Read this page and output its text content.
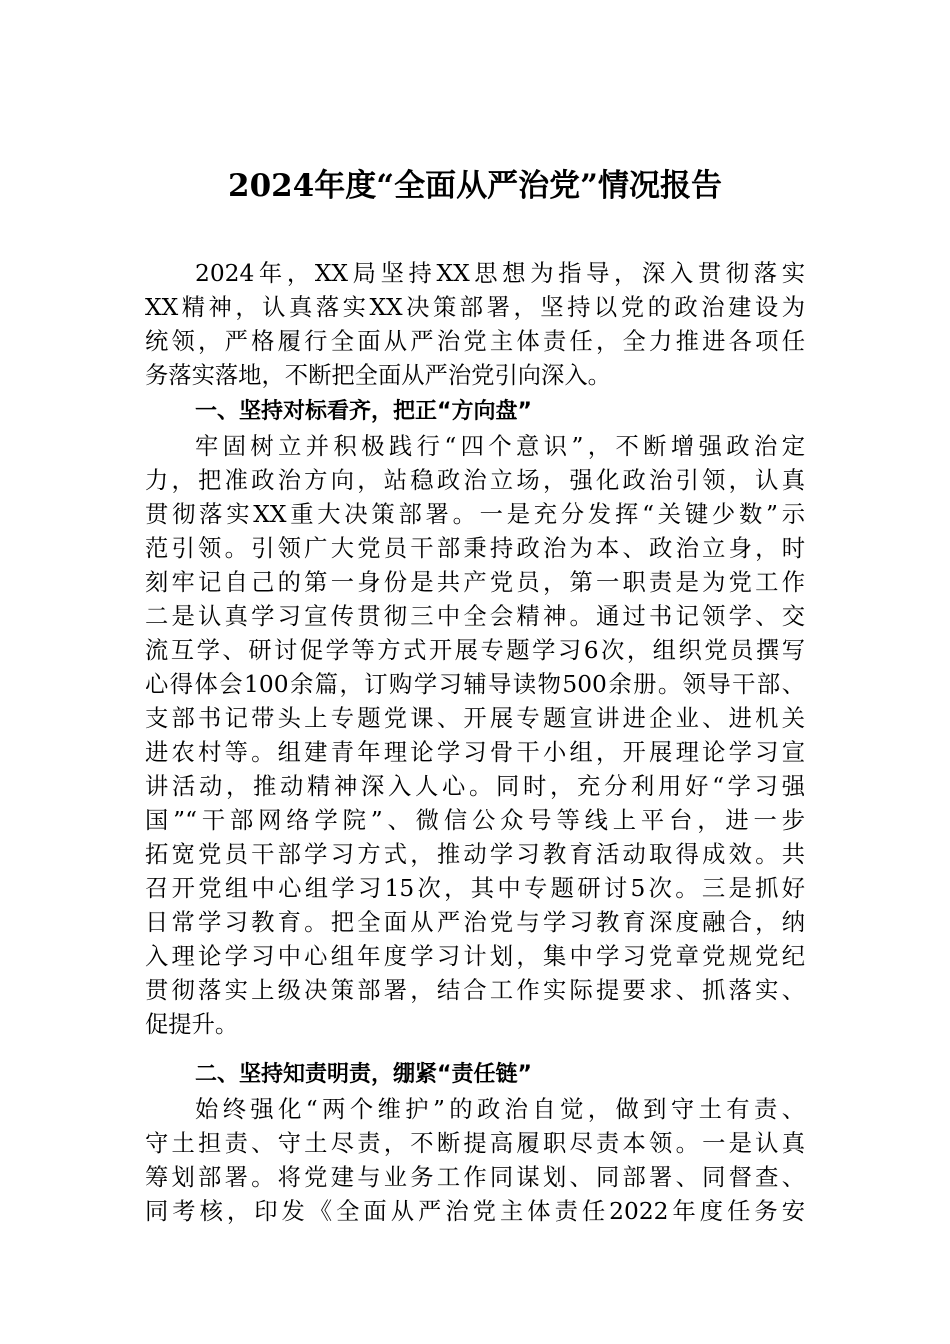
2024年度“全面从严治党”情况报告
2024年，XX局坚持XX思想为指导，深入贯彻落实
XX精神，认真落实XX决策部署，坚持以党的政治建设为
统领，严格履行全面从严治党主体责任，全力推进各项任
务落实落地，不断把全面从严治党引向深入。
一、坚持对标看齐，把正“方向盘”
牢固树立并积极践行“四个意识”，不断增强政治定
力，把准政治方向，站稳政治立场，强化政治引领，认真
贯彻落实XX重大决策部署。一是充分发挥“关键少数”示
范引领。引领广大党员干部秉持政治为本、政治立身，时
刻牢记自己的第一身份是共产党员，第一职责是为党工作
二是认真学习宣传贯彻三中全会精神。通过书记领学、交
流互学、研讨促学等方式开展专题学习6次，组织党员撰写
心得体会100余篇，订购学习辅导读物500余册。领导干部、
支部书记带头上专题党课、开展专题宣讲进企业、进机关
进农村等。组建青年理论学习骨干小组，开展理论学习宣
讲活动，推动精神深入人心。同时，充分利用好“学习强
国”“干部网络学院”、微信公众号等线上平台，进一步
拓宽党员干部学习方式，推动学习教育活动取得成效。共
召开党组中心组学习15次，其中专题研讨5次。三是抓好
日常学习教育。把全面从严治党与学习教育深度融合，纳
入理论学习中心组年度学习计划，集中学习党章党规党纪
贯彻落实上级决策部署，结合工作实际提要求、抓落实、
促提升。
二、坚持知责明责，绷紧“责任链”
始终强化“两个维护”的政治自觉，做到守土有责、
守土担责、守土尽责，不断提高履职尽责本领。一是认真
筹划部署。将党建与业务工作同谋划、同部署、同督查、
同考核，印发《全面从严治党主体责任2022年度任务安
